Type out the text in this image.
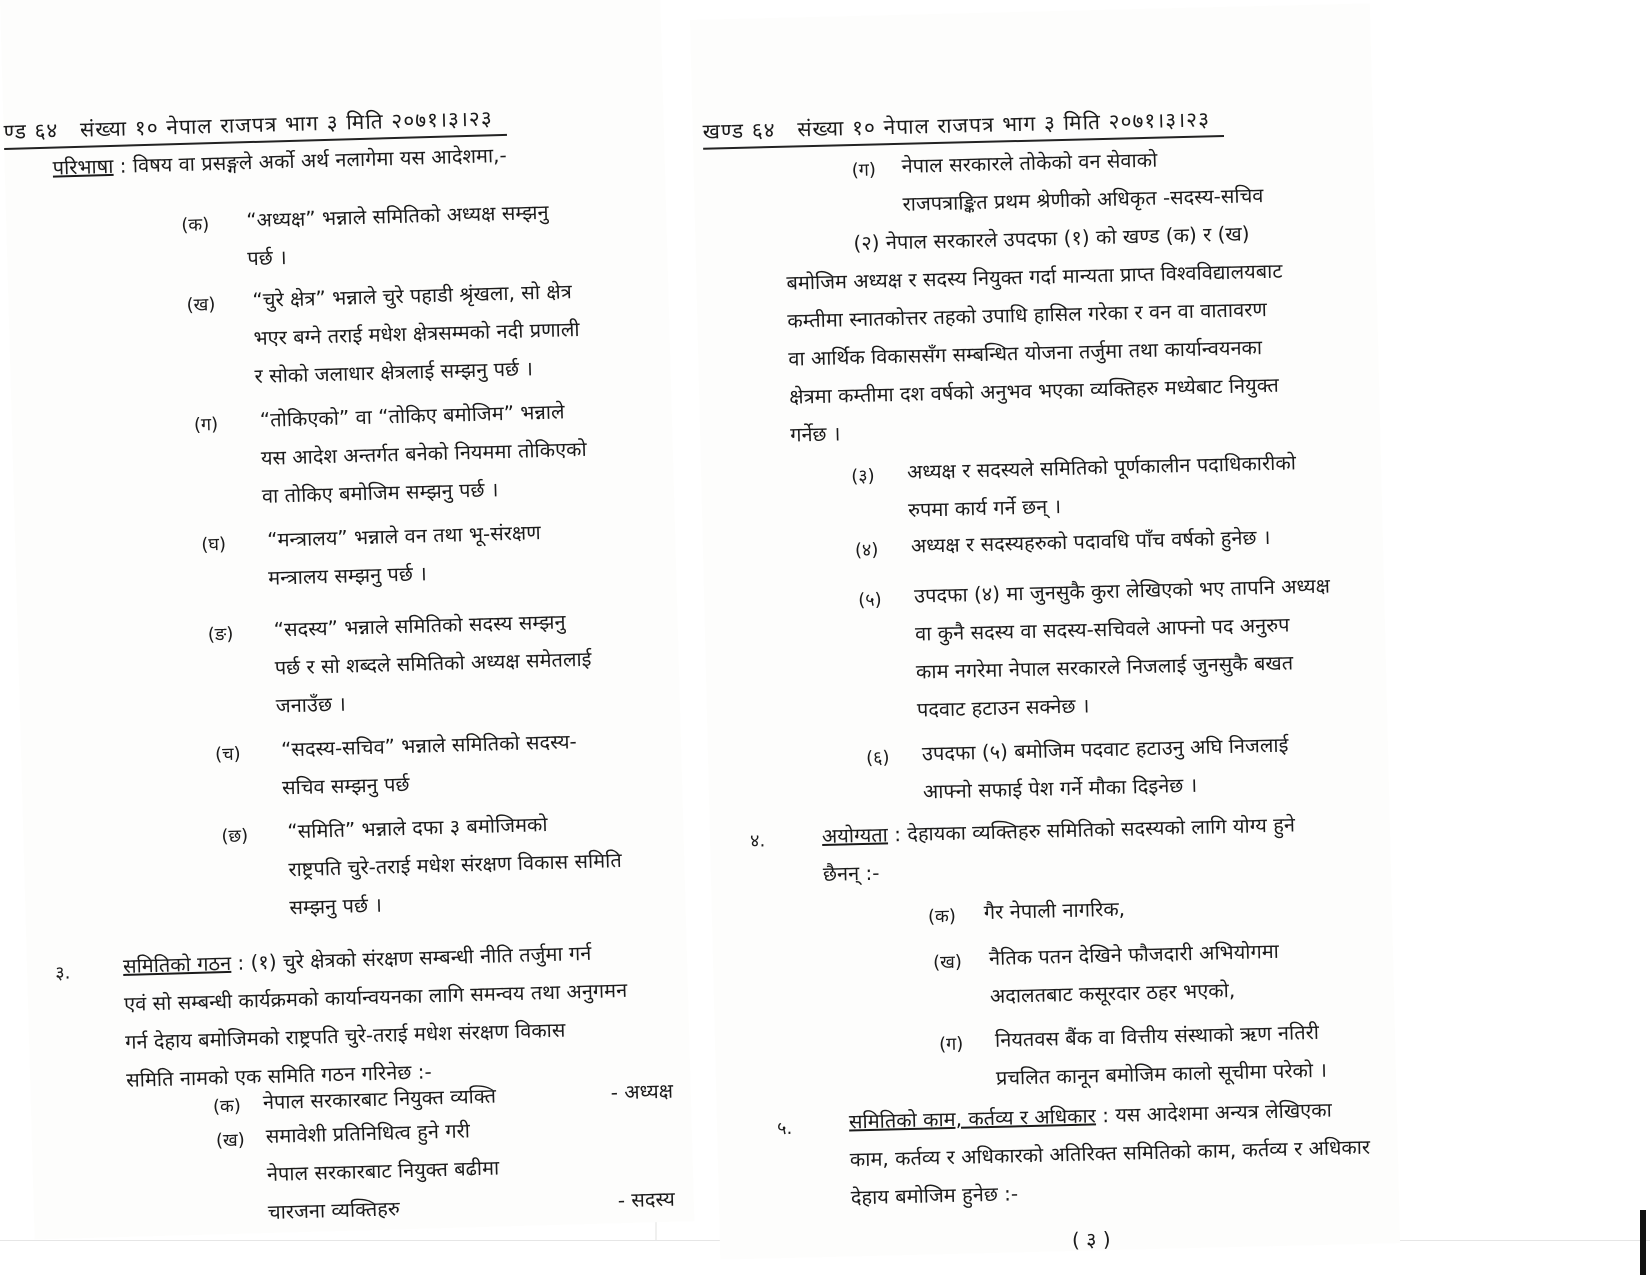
ण्ड ६४ संख्या १० नेपाल राजपत्र भाग ३ मिति २०७१।३।२३
परिभाषा : विषय वा प्रसङ्गले अर्को अर्थ नलागेमा यस आदेशमा,-
(क) “अध्यक्ष” भन्नाले समितिको अध्यक्ष सम्झनु
पर्छ ।
(ख) “चुरे क्षेत्र” भन्नाले चुरे पहाडी श्रृंखला, सो क्षेत्र
भएर बग्ने तराई मधेश क्षेत्रसम्मको नदी प्रणाली
र सोको जलाधार क्षेत्रलाई सम्झनु पर्छ ।
(ग) “तोकिएको” वा “तोकिए बमोजिम” भन्नाले
यस आदेश अन्तर्गत बनेको नियममा तोकिएको
वा तोकिए बमोजिम सम्झनु पर्छ ।
(घ) “मन्त्रालय” भन्नाले वन तथा भू-संरक्षण
मन्त्रालय सम्झनु पर्छ ।
(ङ) “सदस्य” भन्नाले समितिको सदस्य सम्झनु
पर्छ र सो शब्दले समितिको अध्यक्ष समेतलाई
जनाउँछ ।
(च) “सदस्य-सचिव” भन्नाले समितिको सदस्य-
सचिव सम्झनु पर्छ
(छ) “समिति” भन्नाले दफा ३ बमोजिमको
राष्ट्रपति चुरे-तराई मधेश संरक्षण विकास समिति
सम्झनु पर्छ ।
३.	समितिको गठन : (१) चुरे क्षेत्रको संरक्षण सम्बन्धी नीति तर्जुमा गर्न
एवं सो सम्बन्धी कार्यक्रमको कार्यान्वयनका लागि समन्वय तथा अनुगमन
गर्न देहाय बमोजिमको राष्ट्रपति चुरे-तराई मधेश संरक्षण विकास
समिति नामको एक समिति गठन गरिनेछ :-
(क) नेपाल सरकारबाट नियुक्त व्यक्ति	- अध्यक्ष
(ख) समावेशी प्रतिनिधित्व हुने गरी
नेपाल सरकारबाट नियुक्त बढीमा
चारजना व्यक्तिहरु	- सदस्य
खण्ड ६४ संख्या १० नेपाल राजपत्र भाग ३ मिति २०७१।३।२३
(ग) नेपाल सरकारले तोकेको वन सेवाको
राजपत्राङ्कित प्रथम श्रेणीको अधिकृत -सदस्य-सचिव
(२) नेपाल सरकारले उपदफा (१) को खण्ड (क) र (ख)
बमोजिम अध्यक्ष र सदस्य नियुक्त गर्दा मान्यता प्राप्त विश्वविद्यालयबाट
कम्तीमा स्नातकोत्तर तहको उपाधि हासिल गरेका र वन वा वातावरण
वा आर्थिक विकाससँग सम्बन्धित योजना तर्जुमा तथा कार्यान्वयनका
क्षेत्रमा कम्तीमा दश वर्षको अनुभव भएका व्यक्तिहरु मध्येबाट नियुक्त
गर्नेछ ।
(३) अध्यक्ष र सदस्यले समितिको पूर्णकालीन पदाधिकारीको
रुपमा कार्य गर्ने छन् ।
(४) अध्यक्ष र सदस्यहरुको पदावधि पाँच वर्षको हुनेछ ।
(५) उपदफा (४) मा जुनसुकै कुरा लेखिएको भए तापनि अध्यक्ष
वा कुनै सदस्य वा सदस्य-सचिवले आफ्नो पद अनुरुप
काम नगरेमा नेपाल सरकारले निजलाई जुनसुकै बखत
पदवाट हटाउन सक्नेछ ।
(६) उपदफा (५) बमोजिम पदवाट हटाउनु अघि निजलाई
आफ्नो सफाई पेश गर्ने मौका दिइनेछ ।
४.	अयोग्यता : देहायका व्यक्तिहरु समितिको सदस्यको लागि योग्य हुने
छैनन् :-
(क) गैर नेपाली नागरिक,
(ख) नैतिक पतन देखिने फौजदारी अभियोगमा
अदालतबाट कसूरदार ठहर भएको,
(ग) नियतवस बैंक वा वित्तीय संस्थाको ऋण नतिरी
प्रचलित कानून बमोजिम कालो सूचीमा परेको ।
५.	समितिको काम, कर्तव्य र अधिकार : यस आदेशमा अन्यत्र लेखिएका
काम, कर्तव्य र अधिकारको अतिरिक्त समितिको काम, कर्तव्य र अधिकार
देहाय बमोजिम हुनेछ :-
( ३ )
